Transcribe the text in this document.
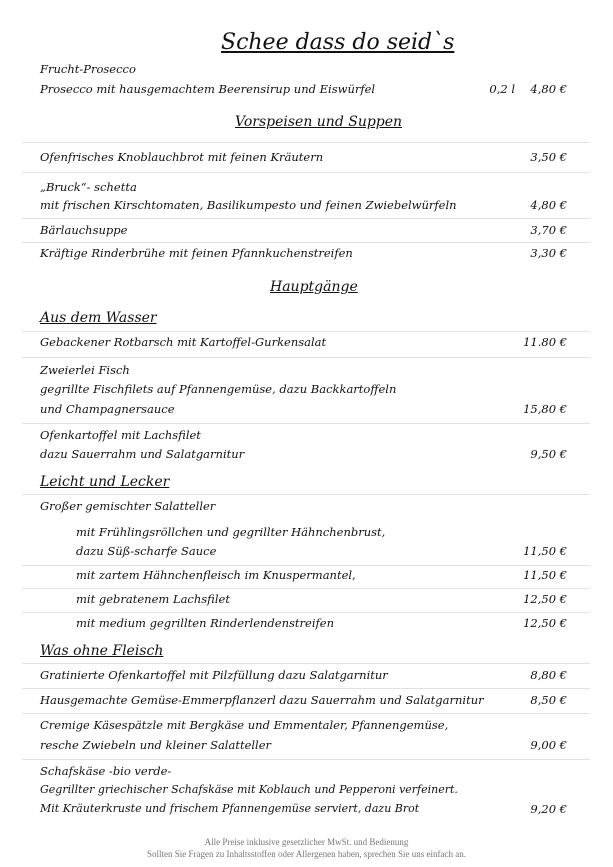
Schee dass do seid`s
Frucht-Prosecco
Prosecco mit hausgemachtem Beerensirup und Eiswürfel	0,2 l 4,80 €
Vorspeisen und Suppen
Ofenfrisches Knoblauchbrot mit feinen Kräutern	3,50 €
„Bruck“- schetta
mit frischen Kirschtomaten, Basilikumpesto und feinen Zwiebelwürfeln	4,80 €
Bärlauchsuppe	3,70 €
Kräftige Rinderbrühe mit feinen Pfannkuchenstreifen	3,30 €
Hauptgänge
Aus dem Wasser
Gebackener Rotbarsch mit Kartoffel-Gurkensalat	11.80 €
Zweierlei Fisch
gegrillte Fischfilets auf Pfannengemüse, dazu Backkartoffeln
und Champagnersauce	15,80 €
Ofenkartoffel mit Lachsfilet
dazu Sauerrahm und Salatgarnitur	9,50 €
Leicht und Lecker
Großer gemischter Salatteller
mit Frühlingsröllchen und gegrillter Hähnchenbrust,
dazu Süß-scharfe Sauce	11,50 €
mit zartem Hähnchenfleisch im Knuspermantel,	11,50 €
mit gebratenem Lachsfilet	12,50 €
mit medium gegrillten Rinderlendenstreifen	12,50 €
Was ohne Fleisch
Gratinierte Ofenkartoffel mit Pilzfüllung dazu Salatgarnitur	8,80 €
Hausgemachte Gemüse-Emmerpflanzerl dazu Sauerrahm und Salatgarnitur	8,50 €
Cremige Käsespätzle mit Bergkäse und Emmentaler, Pfannengemüse,
resche Zwiebeln und kleiner Salatteller	9,00 €
Schafskäse -bio verde-
Gegrillter griechischer Schafskäse mit Koblauch und Pepperoni verfeinert.
Mit Kräuterkruste und frischem Pfannengemüse serviert, dazu Brot	9,20 €
Alle Preise inklusive gesetzlicher MwSt. und Bedienung
Sollten Sie Fragen zu Inhaltsstoffen oder Allergenen haben, sprechen Sie uns einfach an.
